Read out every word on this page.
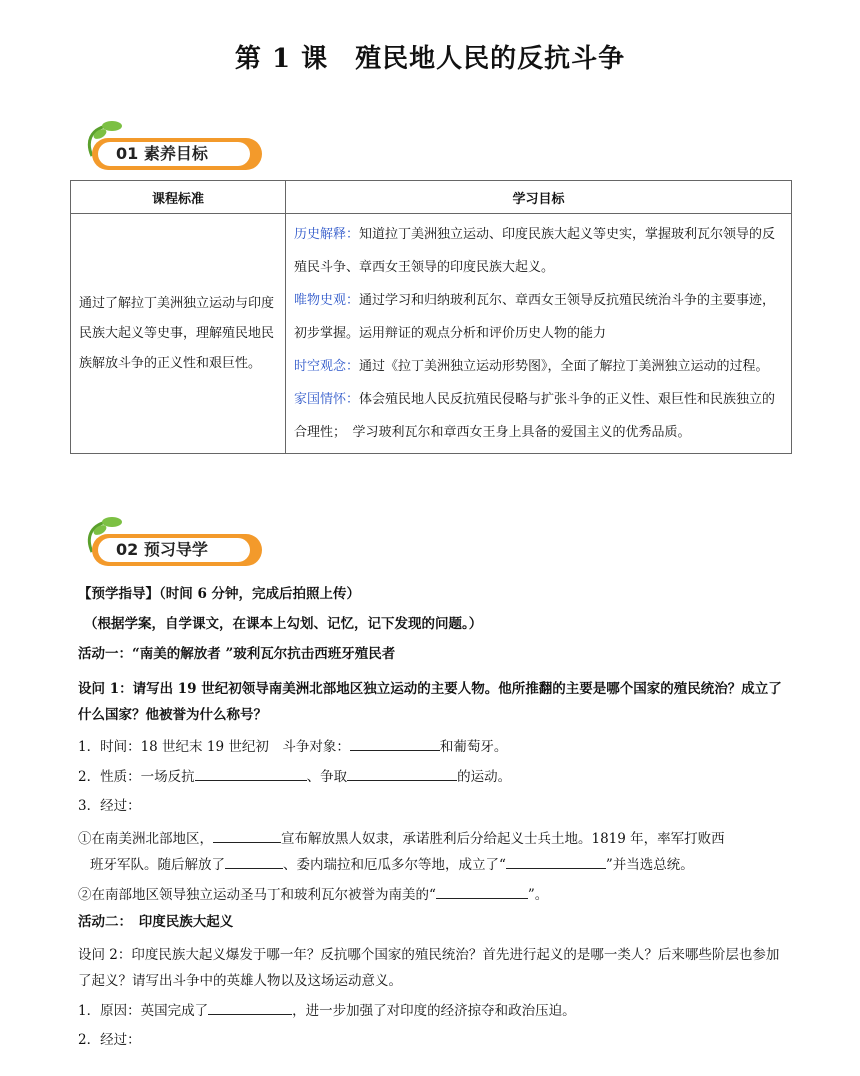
第 1 课　殖民地人民的反抗斗争
01 素养目标
课程标准	学习目标
通过了解拉丁美洲独立运动与印度民族大起义等史事，理解殖民地民族解放斗争的正义性和艰巨性。	历史解释：知道拉丁美洲独立运动、印度民族大起义等史实，掌握玻利瓦尔领导的反殖民斗争、章西女王领导的印度民族大起义。
唯物史观：通过学习和归纳玻利瓦尔、章西女王领导反抗殖民统治斗争的主要事迹，初步掌握。运用辩证的观点分析和评价历史人物的能力
时空观念：通过《拉丁美洲独立运动形势图》，全面了解拉丁美洲独立运动的过程。
家国情怀：体会殖民地人民反抗殖民侵略与扩张斗争的正义性、艰巨性和民族独立的合理性；　学习玻利瓦尔和章西女王身上具备的爱国主义的优秀品质。
02 预习导学
【预学指导】（时间 6 分钟，完成后拍照上传）
（根据学案，自学课文，在课本上勾划、记忆，记下发现的问题。）
活动一：“南美的解放者 ”玻利瓦尔抗击西班牙殖民者
设问 1：请写出 19 世纪初领导南美洲北部地区独立运动的主要人物。他所推翻的主要是哪个国家的殖民统治？成立了什么国家？他被誉为什么称号？
1．时间：18 世纪末 19 世纪初　斗争对象：	和葡萄牙。
2．性质：一场反抗	、争取	的运动。
3．经过：
①在南美洲北部地区，	宣布解放黑人奴隶，承诺胜利后分给起义士兵土地。1819 年，率军打败西
班牙军队。随后解放了	、委内瑞拉和厄瓜多尔等地，成立了“	”并当选总统。
②在南部地区领导独立运动圣马丁和玻利瓦尔被誉为南美的“	”。
活动二：　印度民族大起义
设问 2：印度民族大起义爆发于哪一年？反抗哪个国家的殖民统治？首先进行起义的是哪一类人？后来哪些阶层也参加了起义？请写出斗争中的英雄人物以及这场运动意义。
1．原因：英国完成了	，进一步加强了对印度的经济掠夺和政治压迫。
2．经过：
